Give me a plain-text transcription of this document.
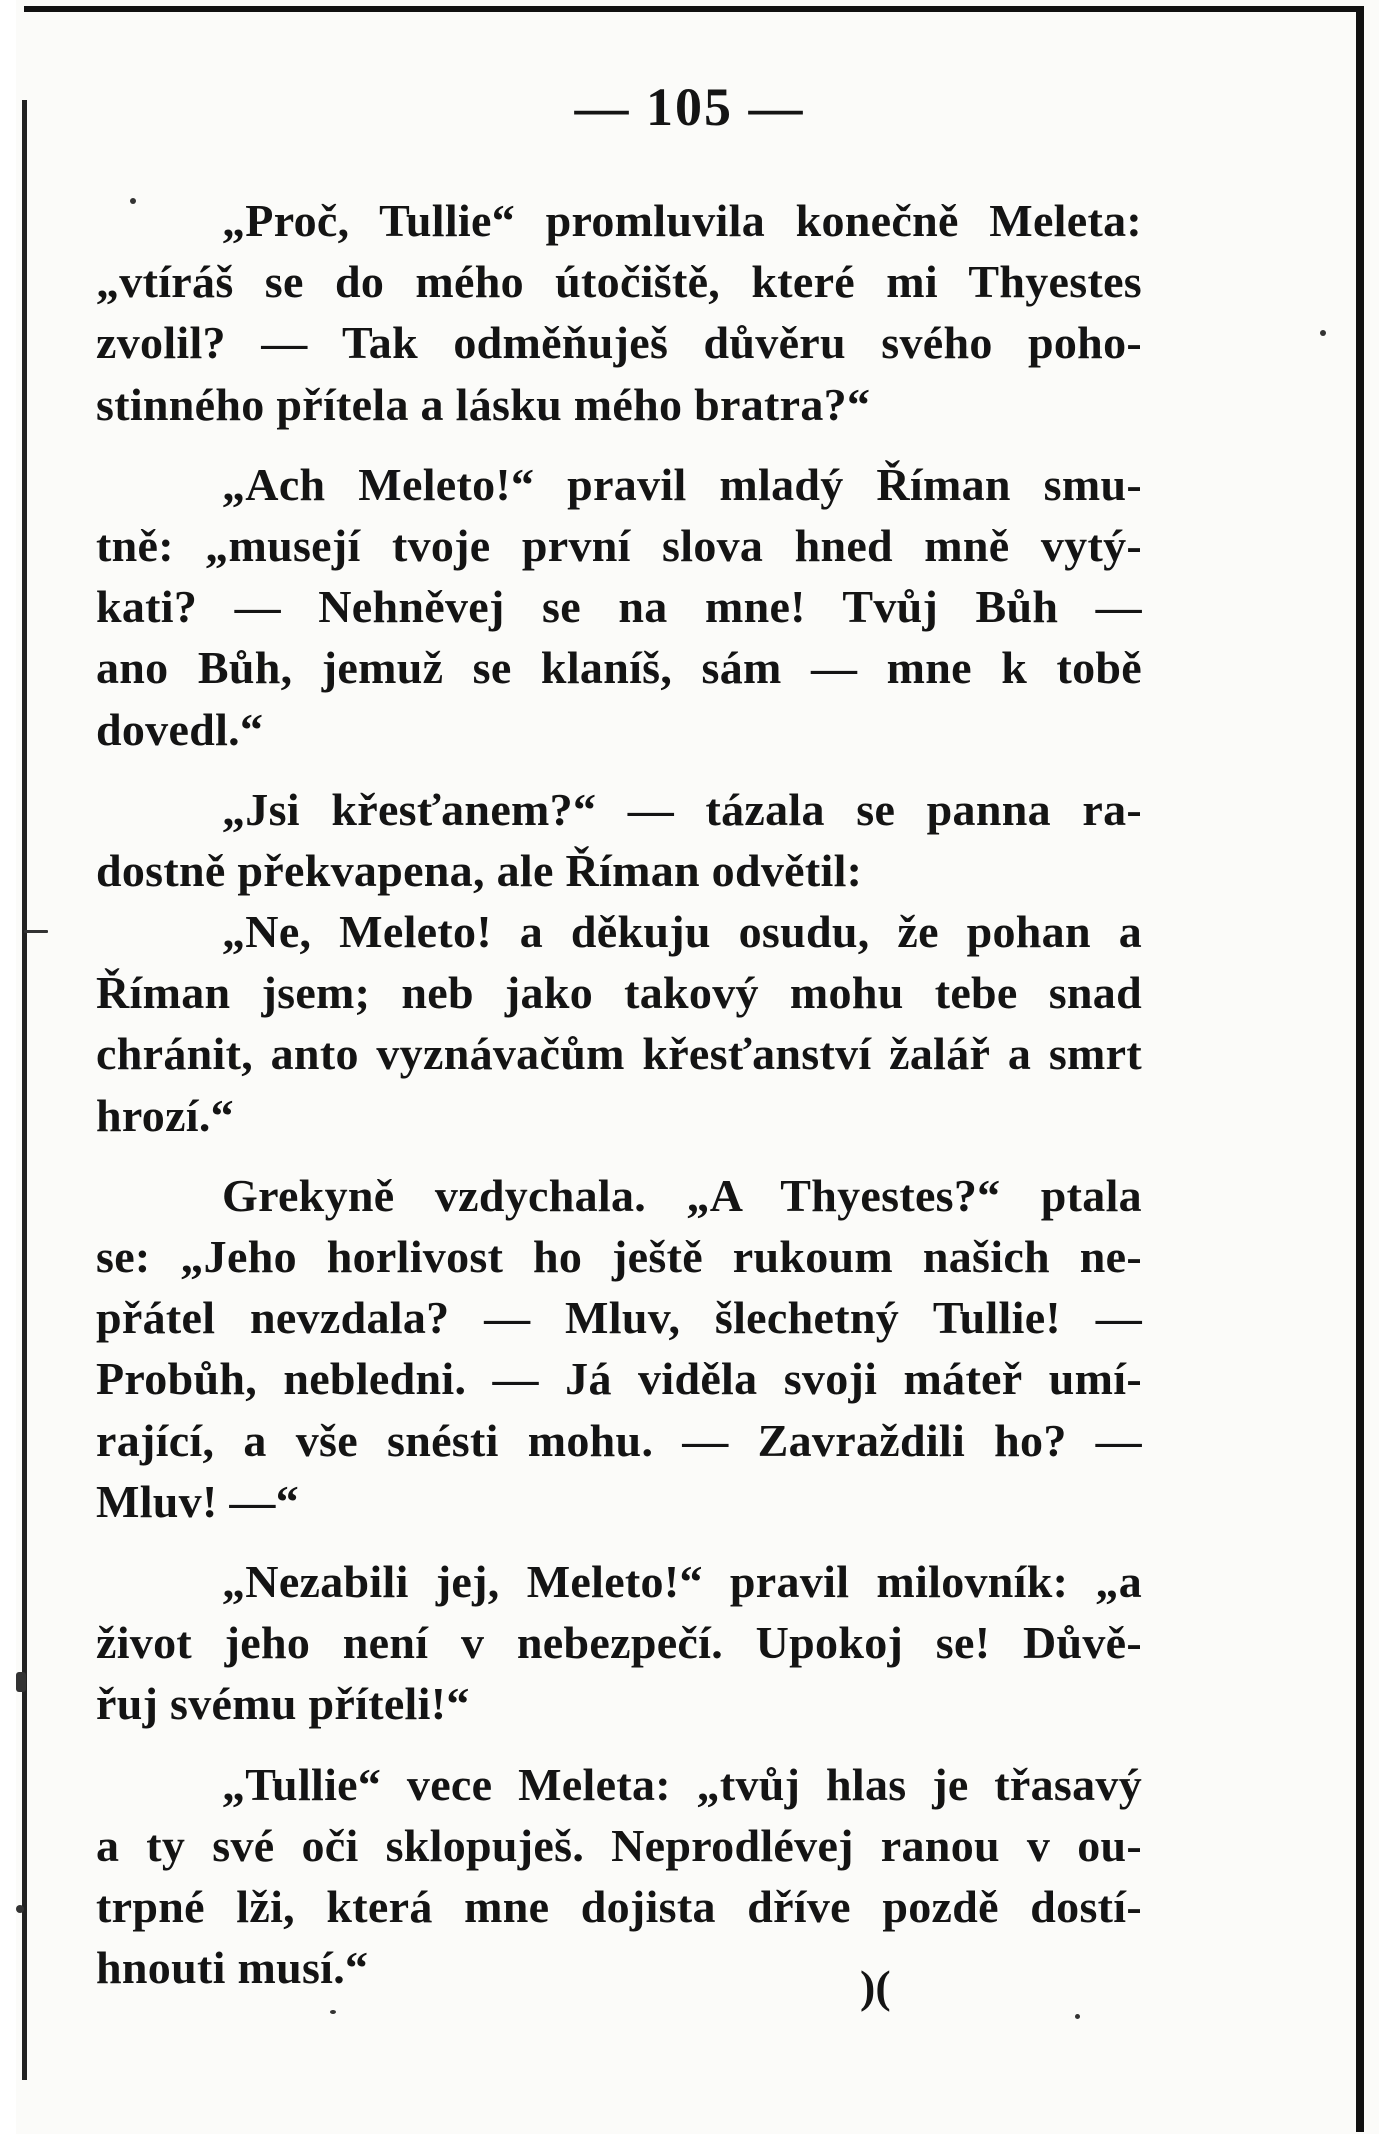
— 105 —
„Proč, Tullie“ promluvila konečně Meleta:
„vtíráš se do mého útočiště, které mi Thyestes
zvolil? — Tak odměňuješ důvěru svého poho-
stinného přítela a lásku mého bratra?“
„Ach Meleto!“ pravil mladý Říman smu-
tně: „musejí tvoje první slova hned mně vytý-
kati? — Nehněvej se na mne! Tvůj Bůh —
ano Bůh, jemuž se klaníš, sám — mne k tobě
dovedl.“
„Jsi křesťanem?“ — tázala se panna ra-
dostně překvapena, ale Říman odvětil:
„Ne, Meleto! a děkuju osudu, že pohan a
Říman jsem; neb jako takový mohu tebe snad
chránit, anto vyznávačům křesťanství žalář a smrt
hrozí.“
Grekyně vzdychala. „A Thyestes?“ ptala
se: „Jeho horlivost ho ještě rukoum našich ne-
přátel nevzdala? — Mluv, šlechetný Tullie! —
Probůh, nebledni. — Já viděla svoji máteř umí-
rající, a vše snésti mohu. — Zavraždili ho? —
Mluv! —“
„Nezabili jej, Meleto!“ pravil milovník: „a
život jeho není v nebezpečí. Upokoj se! Důvě-
řuj svému příteli!“
„Tullie“ vece Meleta: „tvůj hlas je třasavý
a ty své oči sklopuješ. Neprodlévej ranou v ou-
trpné lži, která mne dojista dříve pozdě dostí-
hnouti musí.“	)(
